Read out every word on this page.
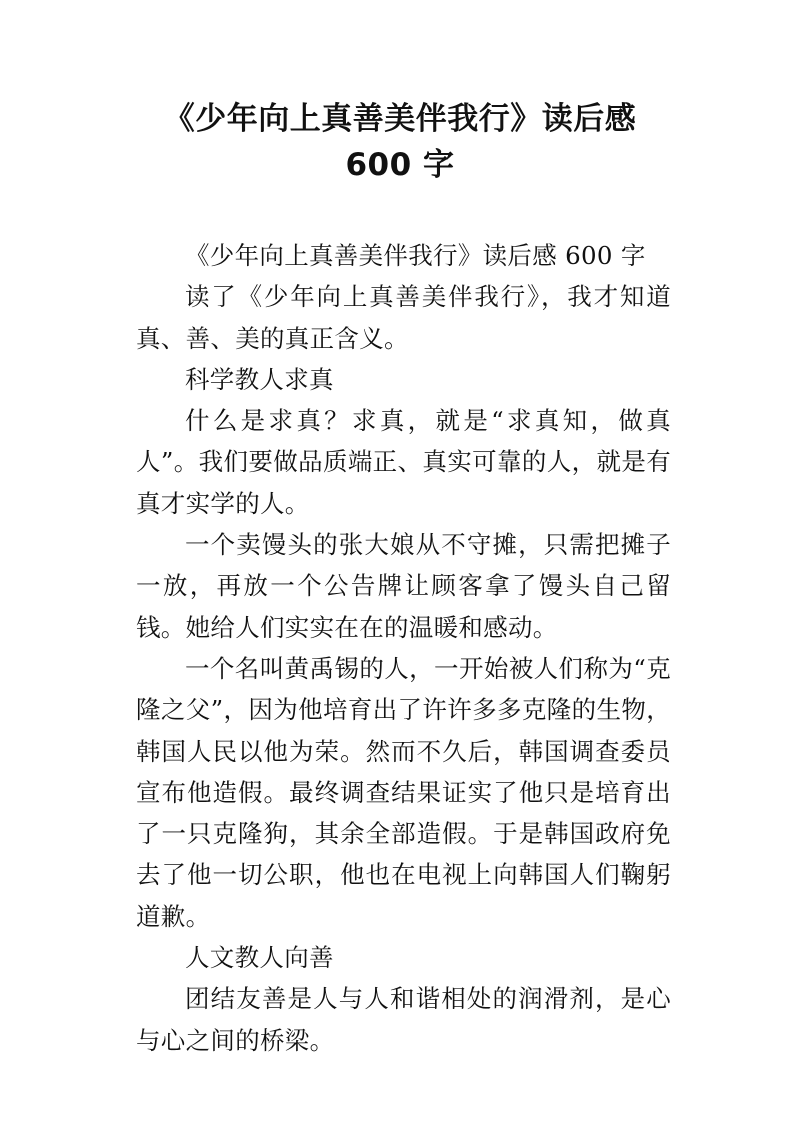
《少年向上真善美伴我行》读后感
600 字

《少年向上真善美伴我行》读后感 600 字

读了《少年向上真善美伴我行》，我才知道真、善、美的真正含义。

科学教人求真

什么是求真？求真，就是“求真知，做真人”。我们要做品质端正、真实可靠的人，就是有真才实学的人。

一个卖馒头的张大娘从不守摊，只需把摊子一放，再放一个公告牌让顾客拿了馒头自己留钱。她给人们实实在在的温暖和感动。

一个名叫黄禹锡的人，一开始被人们称为“克隆之父”，因为他培育出了许许多多克隆的生物，韩国人民以他为荣。然而不久后，韩国调查委员宣布他造假。最终调查结果证实了他只是培育出了一只克隆狗，其余全部造假。于是韩国政府免去了他一切公职，他也在电视上向韩国人们鞠躬道歉。

人文教人向善

团结友善是人与人和谐相处的润滑剂，是心与心之间的桥梁。
